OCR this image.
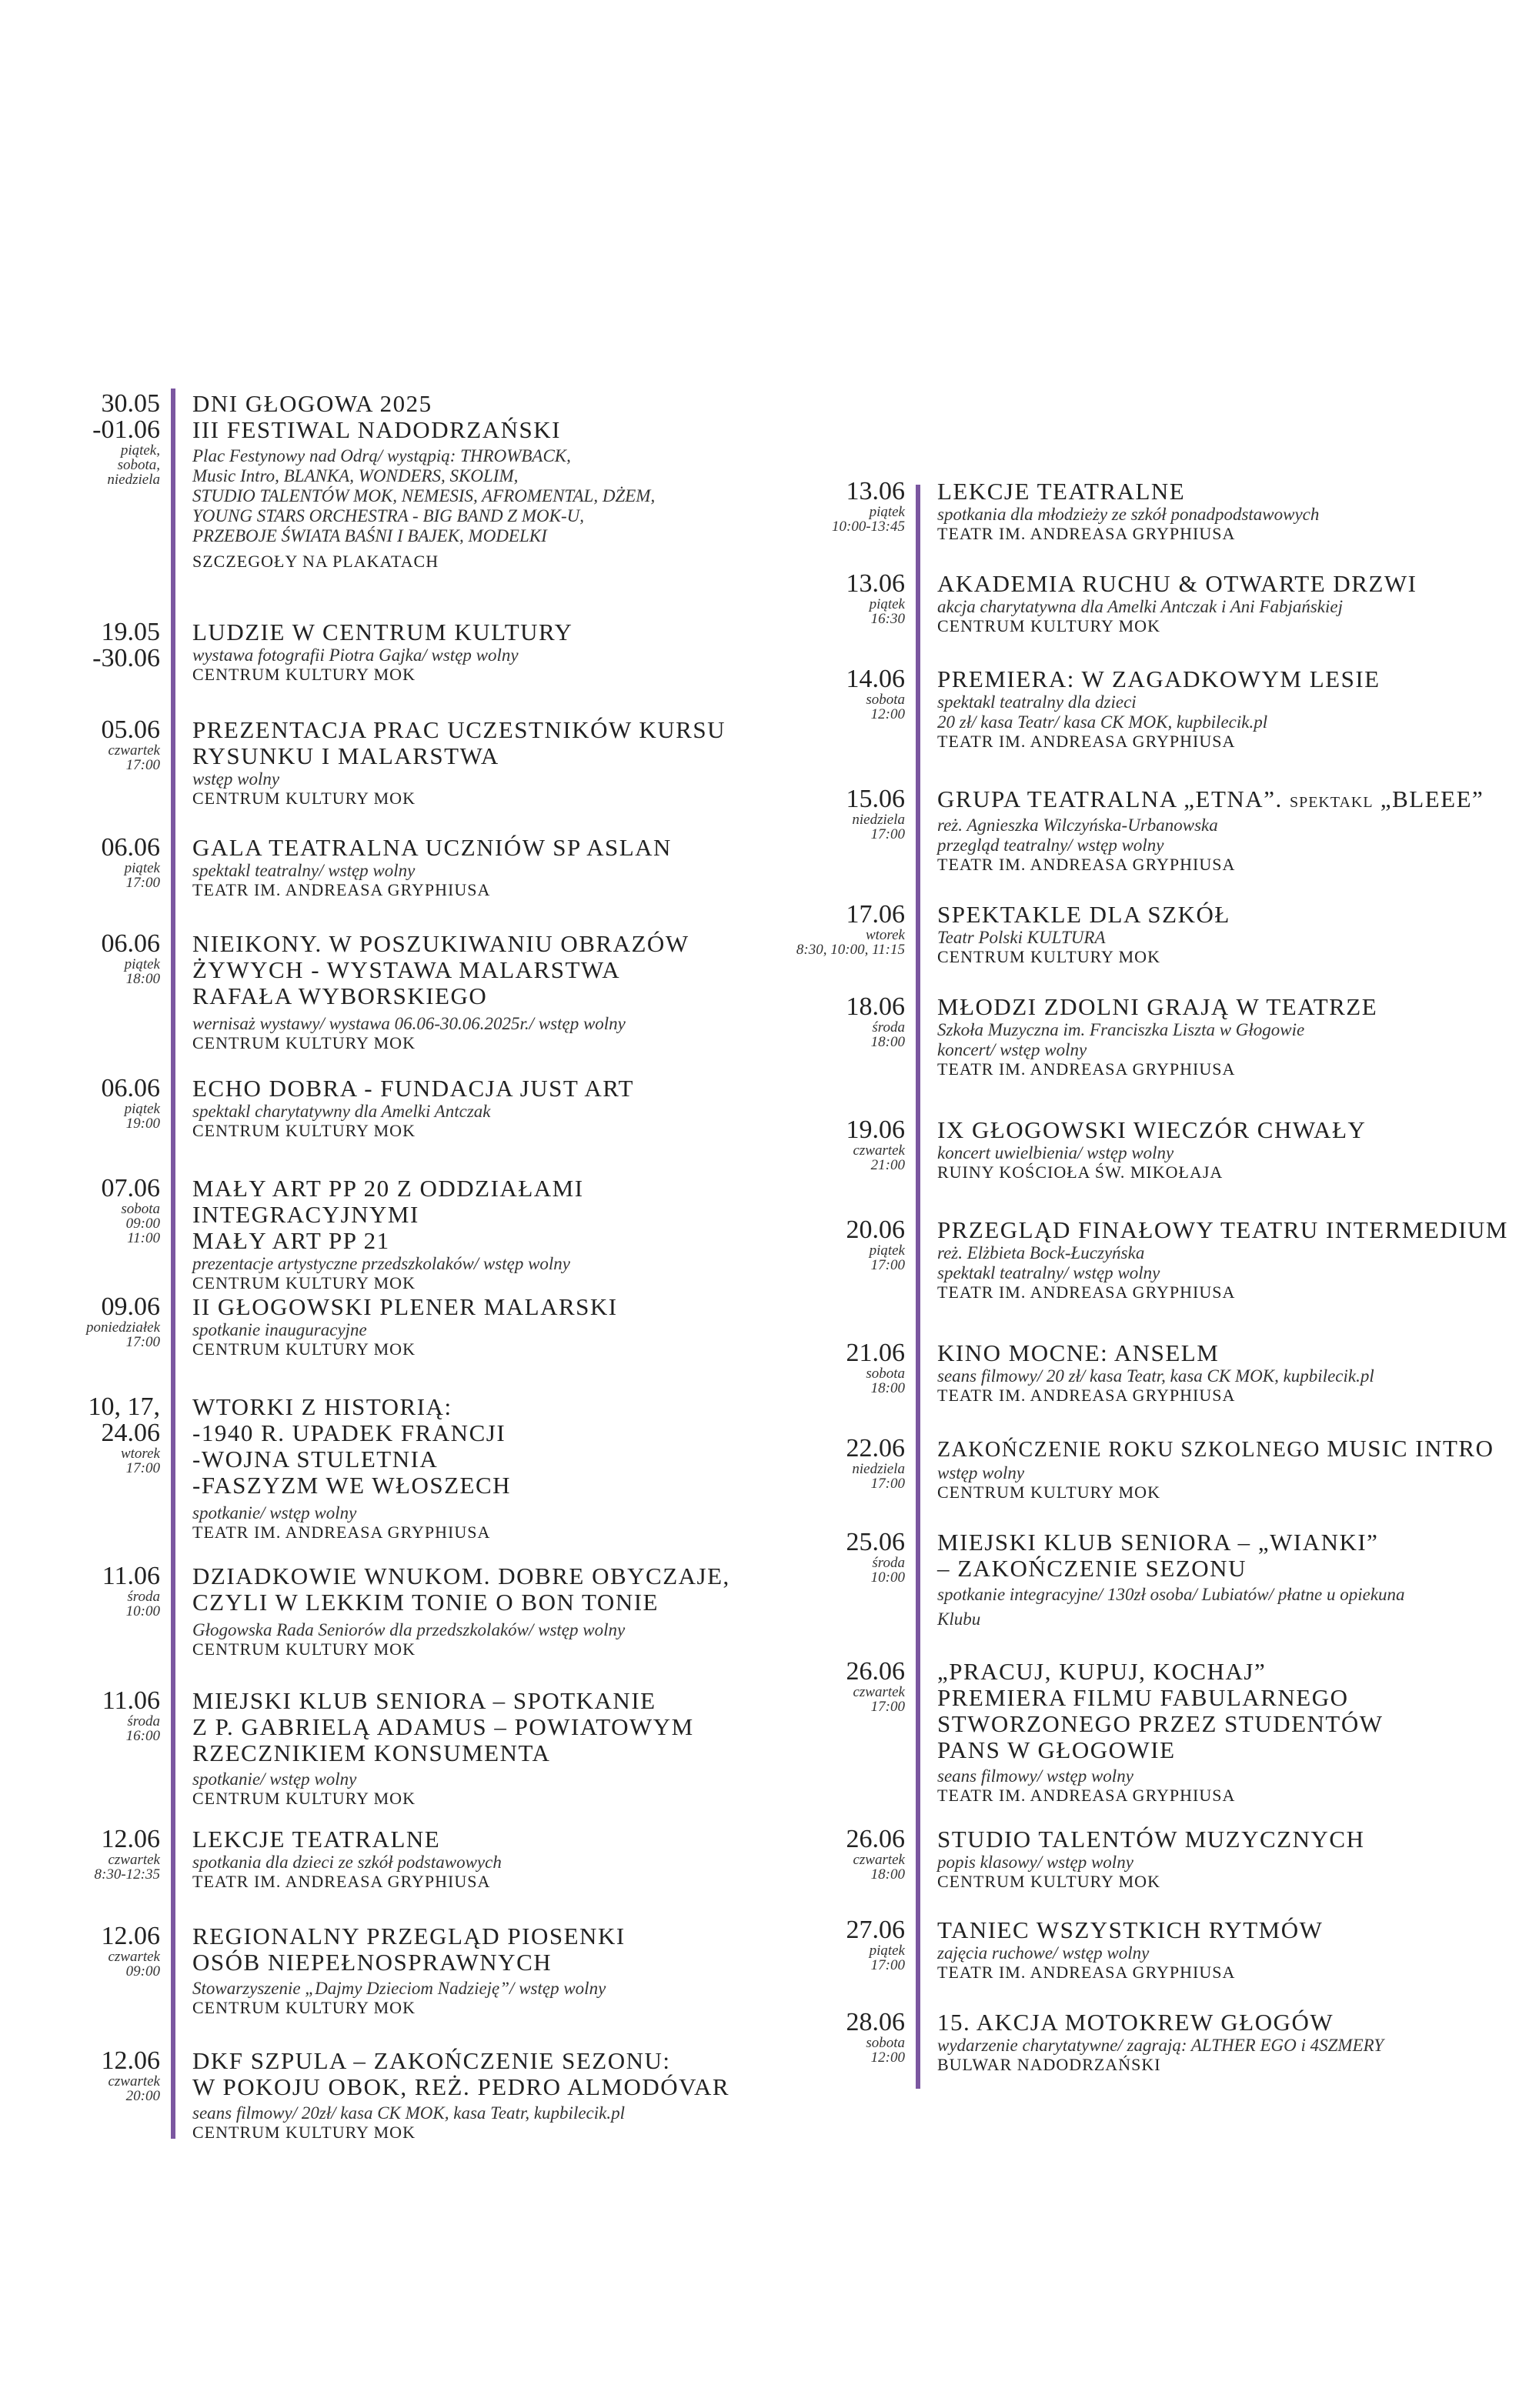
30.05
-01.06
piątek,
sobota,
niedziela
DNI GŁOGOWA 2025
III FESTIWAL NADODRZAŃSKI
Plac Festynowy nad Odrą/ wystąpią: THROWBACK,
Music Intro, BLANKA, WONDERS, SKOLIM,
STUDIO TALENTÓW MOK, NEMESIS, AFROMENTAL, DŻEM,
YOUNG STARS ORCHESTRA - BIG BAND Z MOK-U,
PRZEBOJE ŚWIATA BAŚNI I BAJEK, MODELKI
SZCZEGOŁY NA PLAKATACH
19.05
-30.06
LUDZIE W CENTRUM KULTURY
wystawa fotografii Piotra Gajka/ wstęp wolny
CENTRUM KULTURY MOK
05.06
czwartek
17:00
PREZENTACJA PRAC UCZESTNIKÓW KURSU
RYSUNKU I MALARSTWA
wstęp wolny
CENTRUM KULTURY MOK
06.06
piątek
17:00
GALA TEATRALNA UCZNIÓW SP ASLAN
spektakl teatralny/ wstęp wolny
TEATR IM. ANDREASA GRYPHIUSA
06.06
piątek
18:00
NIEIKONY. W POSZUKIWANIU OBRAZÓW
ŻYWYCH - WYSTAWA MALARSTWA
RAFAŁA WYBORSKIEGO
wernisaż wystawy/ wystawa 06.06-30.06.2025r./ wstęp wolny
CENTRUM KULTURY MOK
06.06
piątek
19:00
ECHO DOBRA - FUNDACJA JUST ART
spektakl charytatywny dla Amelki Antczak
CENTRUM KULTURY MOK
07.06
sobota
09:00
11:00
MAŁY ART PP 20 Z ODDZIAŁAMI INTEGRACYJNYMI
MAŁY ART PP 21
prezentacje artystyczne przedszkolaków/ wstęp wolny
CENTRUM KULTURY MOK
09.06
poniedziałek
17:00
II GŁOGOWSKI PLENER MALARSKI
spotkanie inauguracyjne
CENTRUM KULTURY MOK
10, 17,
24.06
wtorek
17:00
WTORKI Z HISTORIĄ:
-1940 R. UPADEK FRANCJI
-WOJNA STULETNIA
-FASZYZM WE WŁOSZECH
spotkanie/ wstęp wolny
TEATR IM. ANDREASA GRYPHIUSA
11.06
środa
10:00
DZIADKOWIE WNUKOM. DOBRE OBYCZAJE,
CZYLI W LEKKIM TONIE O BON TONIE
Głogowska Rada Seniorów dla przedszkolaków/ wstęp wolny
CENTRUM KULTURY MOK
11.06
środa
16:00
MIEJSKI KLUB SENIORA – SPOTKANIE
Z P. GABRIELĄ ADAMUS – POWIATOWYM
RZECZNIKIEM KONSUMENTA
spotkanie/ wstęp wolny
CENTRUM KULTURY MOK
12.06
czwartek
8:30-12:35
LEKCJE TEATRALNE
spotkania dla dzieci ze szkół podstawowych
TEATR IM. ANDREASA GRYPHIUSA
12.06
czwartek
09:00
REGIONALNY PRZEGLĄD PIOSENKI
OSÓB NIEPEŁNOSPRAWNYCH
Stowarzyszenie „Dajmy Dzieciom Nadzieję”/ wstęp wolny
CENTRUM KULTURY MOK
12.06
czwartek
20:00
DKF SZPULA – ZAKOŃCZENIE SEZONU:
W POKOJU OBOK, REŻ. PEDRO ALMODÓVAR
seans filmowy/ 20zł/ kasa CK MOK, kasa Teatr, kupbilecik.pl
CENTRUM KULTURY MOK
13.06
piątek
10:00-13:45
LEKCJE TEATRALNE
spotkania dla młodzieży ze szkół ponadpodstawowych
TEATR IM. ANDREASA GRYPHIUSA
13.06
piątek
16:30
AKADEMIA RUCHU & OTWARTE DRZWI
akcja charytatywna dla Amelki Antczak i Ani Fabjańskiej
CENTRUM KULTURY MOK
14.06
sobota
12:00
PREMIERA: W ZAGADKOWYM LESIE
spektakl teatralny dla dzieci
20 zł/ kasa Teatr/ kasa CK MOK, kupbilecik.pl
TEATR IM. ANDREASA GRYPHIUSA
15.06
niedziela
17:00
GRUPA TEATRALNA „ETNA”. SPEKTAKL „BLEEE”
reż. Agnieszka Wilczyńska-Urbanowska
przegląd teatralny/ wstęp wolny
TEATR IM. ANDREASA GRYPHIUSA
17.06
wtorek
8:30, 10:00, 11:15
SPEKTAKLE DLA SZKÓŁ
Teatr Polski KULTURA
CENTRUM KULTURY MOK
18.06
środa
18:00
MŁODZI ZDOLNI GRAJĄ W TEATRZE
Szkoła Muzyczna im. Franciszka Liszta w Głogowie
koncert/ wstęp wolny
TEATR IM. ANDREASA GRYPHIUSA
19.06
czwartek
21:00
IX GŁOGOWSKI WIECZÓR CHWAŁY
koncert uwielbienia/ wstęp wolny
RUINY KOŚCIOŁA ŚW. MIKOŁAJA
20.06
piątek
17:00
PRZEGLĄD FINAŁOWY TEATRU INTERMEDIUM
reż. Elżbieta Bock-Łuczyńska
spektakl teatralny/ wstęp wolny
TEATR IM. ANDREASA GRYPHIUSA
21.06
sobota
18:00
KINO MOCNE: ANSELM
seans filmowy/ 20 zł/ kasa Teatr, kasa CK MOK, kupbilecik.pl
TEATR IM. ANDREASA GRYPHIUSA
22.06
niedziela
17:00
ZAKOŃCZENIE ROKU SZKOLNEGO MUSIC INTRO
wstęp wolny
CENTRUM KULTURY MOK
25.06
środa
10:00
MIEJSKI KLUB SENIORA – „WIANKI”
– ZAKOŃCZENIE SEZONU
spotkanie integracyjne/ 130zł osoba/ Lubiatów/ płatne u opiekuna
Klubu
26.06
czwartek
17:00
„PRACUJ, KUPUJ, KOCHAJ”
PREMIERA FILMU FABULARNEGO
STWORZONEGO PRZEZ STUDENTÓW
PANS W GŁOGOWIE
seans filmowy/ wstęp wolny
TEATR IM. ANDREASA GRYPHIUSA
26.06
czwartek
18:00
STUDIO TALENTÓW MUZYCZNYCH
popis klasowy/ wstęp wolny
CENTRUM KULTURY MOK
27.06
piątek
17:00
TANIEC WSZYSTKICH RYTMÓW
zajęcia ruchowe/ wstęp wolny
TEATR IM. ANDREASA GRYPHIUSA
28.06
sobota
12:00
15. AKCJA MOTOKREW GŁOGÓW
wydarzenie charytatywne/ zagrają: ALTHER EGO i 4SZMERY
BULWAR NADODRZAŃSKI
